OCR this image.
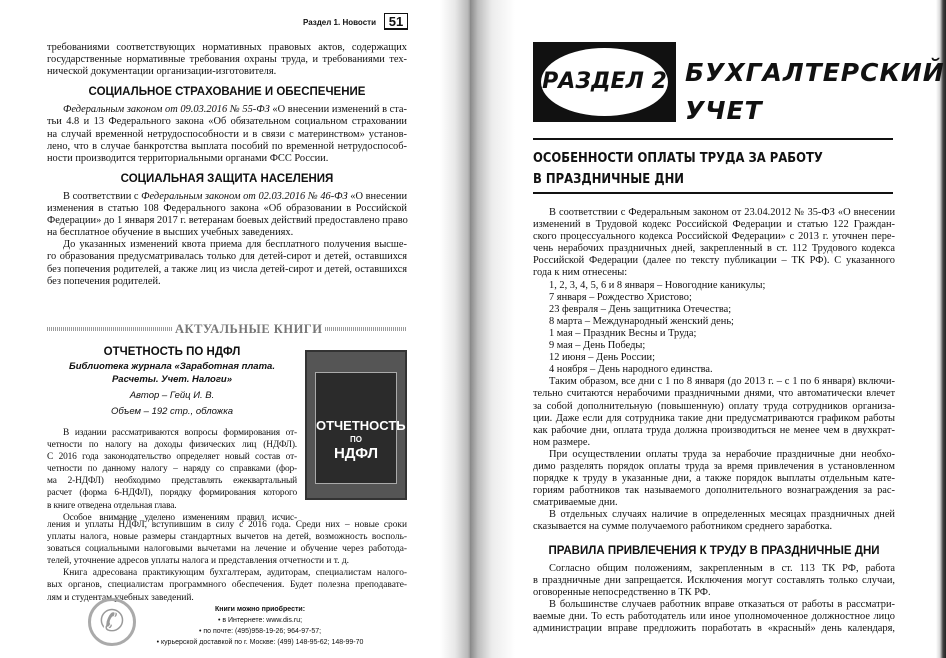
Раздел 1. Новости 51
требованиями соответствующих нормативных правовых актов, содержащих
государственные нормативные требования охраны труда, и требованиями тех-
нической документации организации-изготовителя.
СОЦИАЛЬНОЕ СТРАХОВАНИЕ И ОБЕСПЕЧЕНИЕ
Федеральным законом от 09.03.2016 № 55-ФЗ «О внесении изменений в ста-
тьи 4.8 и 13 Федерального закона «Об обязательном социальном страховании
на случай временной нетрудоспособности и в связи с материнством» установ-
лено, что в случае банкротства выплата пособий по временной нетрудоспособ-
ности производится территориальными органами ФСС России.
СОЦИАЛЬНАЯ ЗАЩИТА НАСЕЛЕНИЯ
В соответствии с Федеральным законом от 02.03.2016 № 46-ФЗ «О внесении
изменения в статью 108 Федерального закона «Об образовании в Российской
Федерации» до 1 января 2017 г. ветеранам боевых действий предоставлено право
на бесплатное обучение в высших учебных заведениях.
До указанных изменений квота приема для бесплатного получения высше-
го образования предусматривалась только для детей-сирот и детей, оставшихся
без попечения родителей, а также лиц из числа детей-сирот и детей, оставшихся
без попечения родителей.
АКТУАЛЬНЫЕ КНИГИ
ОТЧЕТНОСТЬ ПО НДФЛ
Библиотека журнала «Заработная плата.
Расчеты. Учет. Налоги»
Автор – Гейц И. В.
Объем – 192 стр., обложка
ОТЧЕТНОСТЬ
ПО
НДФЛ
В издании рассматриваются вопросы формирования от-
четности по налогу на доходы физических лиц (НДФЛ).
С 2016 года законодательство определяет новый состав от-
четности по данному налогу – наряду со справками (фор-
ма 2-НДФЛ) необходимо представлять ежеквартальный
расчет (форма 6-НДФЛ), порядку формирования которого
в книге отведена отдельная глава.
Особое внимание уделено изменениям правил исчис-
ления и уплаты НДФЛ, вступившим в силу с 2016 года. Среди них – новые сроки
уплаты налога, новые размеры стандартных вычетов на детей, возможность восполь-
зоваться социальными налоговыми вычетами на лечение и обучение через работода-
телей, уточнение адресов уплаты налога и представления отчетности и т. д.
Книга адресована практикующим бухгалтерам, аудиторам, специалистам налого-
вых органов, специалистам программного обеспечения. Будет полезна преподавате-
лям и студентам учебных заведений.
✆	Книги можно приобрести:
• в Интернете: www.dis.ru;
• по почте: (495)958-19-26; 964-97-57;
• курьерской доставкой по г. Москве: (499) 148-95-62; 148-99-70
РАЗДЕЛ 2 БУХГАЛТЕРСКИЙ
УЧЕТ
ОСОБЕННОСТИ ОПЛАТЫ ТРУДА ЗА РАБОТУ
В ПРАЗДНИЧНЫЕ ДНИ
В соответствии с Федеральным законом от 23.04.2012 № 35-ФЗ «О внесении
изменений в Трудовой кодекс Российской Федерации и статью 122 Граждан-
ского процессуального кодекса Российской Федерации» с 2013 г. уточнен пере-
чень нерабочих праздничных дней, закрепленный в ст. 112 Трудового кодекса
Российской Федерации (далее по тексту публикации – ТК РФ). С указанного
года к ним отнесены:
1, 2, 3, 4, 5, 6 и 8 января – Новогодние каникулы;
7 января – Рождество Христово;
23 февраля – День защитника Отечества;
8 марта – Международный женский день;
1 мая – Праздник Весны и Труда;
9 мая – День Победы;
12 июня – День России;
4 ноября – День народного единства.
Таким образом, все дни с 1 по 8 января (до 2013 г. – с 1 по 6 января) включи-
тельно считаются нерабочими праздничными днями, что автоматически влечет
за собой дополнительную (повышенную) оплату труда сотрудников организа-
ции. Даже если для сотрудника такие дни предусматриваются графиком работы
как рабочие дни, оплата труда должна производиться не менее чем в двухкрат-
ном размере.
При осуществлении оплаты труда за нерабочие праздничные дни необхо-
димо разделять порядок оплаты труда за время привлечения в установленном
порядке к труду в указанные дни, а также порядок выплаты отдельным кате-
гориям работников так называемого дополнительного вознаграждения за рас-
сматриваемые дни.
В отдельных случаях наличие в определенных месяцах праздничных дней
сказывается на сумме получаемого работником среднего заработка.
ПРАВИЛА ПРИВЛЕЧЕНИЯ К ТРУДУ В ПРАЗДНИЧНЫЕ ДНИ
Согласно общим положениям, закрепленным в ст. 113 ТК РФ, работа
в праздничные дни запрещается. Исключения могут составлять только случаи,
оговоренные непосредственно в ТК РФ.
В большинстве случаев работник вправе отказаться от работы в рассматри-
ваемые дни. То есть работодатель или иное уполномоченное должностное лицо
администрации вправе предложить поработать в «красный» день календаря,
